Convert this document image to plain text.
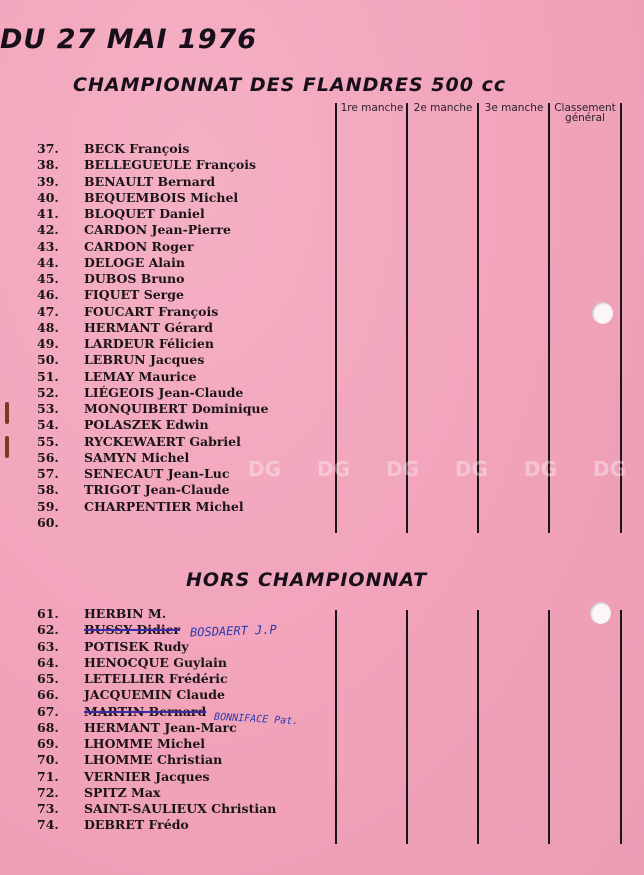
DU 27 MAI 1976
CHAMPIONNAT DES FLANDRES 500 cc
1re manche 2e manche	3e manche	Classement
général
37.	BECK François
38.	BELLEGUEULE François
39.	BENAULT Bernard
40.	BEQUEMBOIS Michel
41.	BLOQUET Daniel
42.	CARDON Jean-Pierre
43.	CARDON Roger
44.	DELOGE Alain
45.	DUBOS Bruno
46.	FIQUET Serge
47.	FOUCART François
48.	HERMANT Gérard
49.	LARDEUR Félicien
50.	LEBRUN Jacques
51.	LEMAY Maurice
52.	LIÉGEOIS Jean-Claude
53.	MONQUIBERT Dominique
54.	POLASZEK Edwin
55.	RYCKEWAERT Gabriel
56.	SAMYN Michel
57.	SENECAUT Jean-Luc
58.	TRIGOT Jean-Claude
59.	CHARPENTIER Michel
60.
HORS CHAMPIONNAT
61.	HERBIN M.
62.	BUSSY Didier
63.	POTISEK Rudy
64.	HENOCQUE Guylain
65.	LETELLIER Frédéric
66.	JACQUEMIN Claude
67.	MARTIN Bernard
68.	HERMANT Jean-Marc
69.	LHOMME Michel
70.	LHOMME Christian
71.	VERNIER Jacques
72.	SPITZ Max
73.	SAINT-SAULIEUX Christian
74.	DEBRET Frédo
BOSDAERT J.P
BONNIFACE Pat.
DG DG DG DG DG DG
